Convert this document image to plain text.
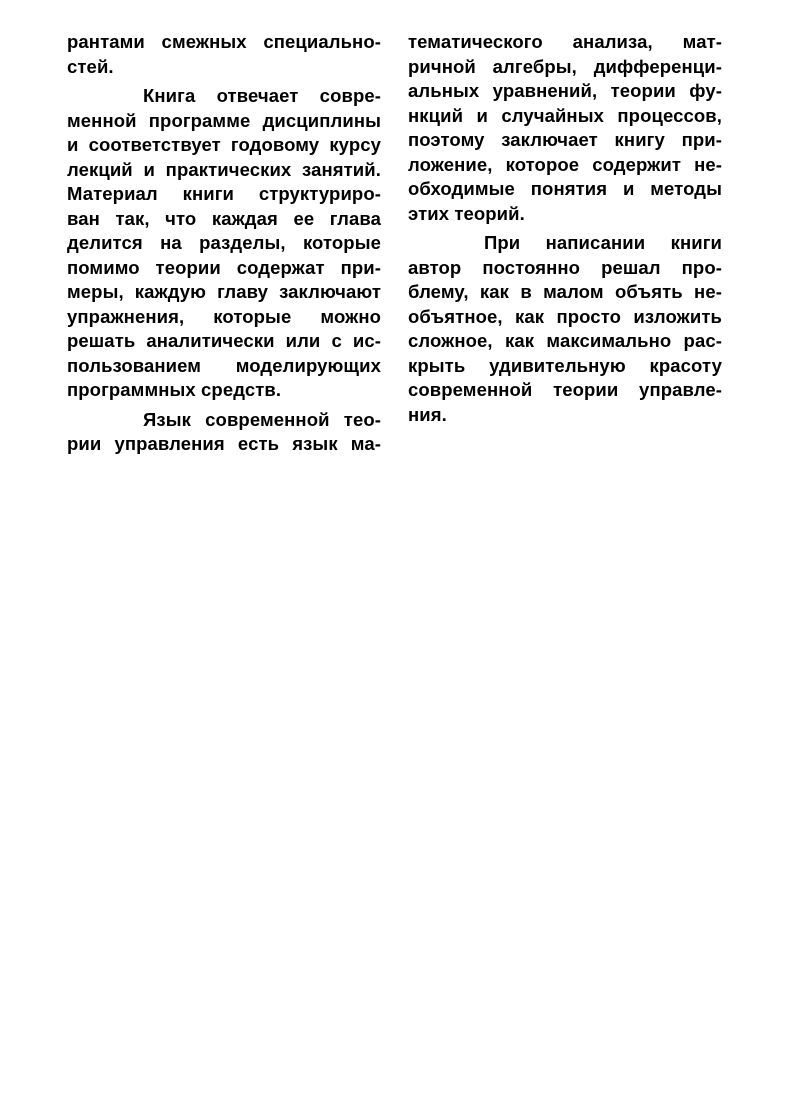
рантами смежных специально-
стей.
Книга отвечает совре-
менной программе дисциплины
и соответствует годовому курсу
лекций и практических занятий.
Материал книги структуриро-
ван так, что каждая ее глава
делится на разделы, которые
помимо теории содержат при-
меры, каждую главу заключают
упражнения, которые можно
решать аналитически или с ис-
пользованием моделирующих
программных средств.
Язык современной тео-
рии управления есть язык ма-
тематического анализа, мат-
ричной алгебры, дифференци-
альных уравнений, теории фу-
нкций и случайных процессов,
поэтому заключает книгу при-
ложение, которое содержит не-
обходимые понятия и методы
этих теорий.
При написании книги
автор постоянно решал про-
блему, как в малом объять не-
объятное, как просто изложить
сложное, как максимально рас-
крыть удивительную красоту
современной теории управле-
ния.
